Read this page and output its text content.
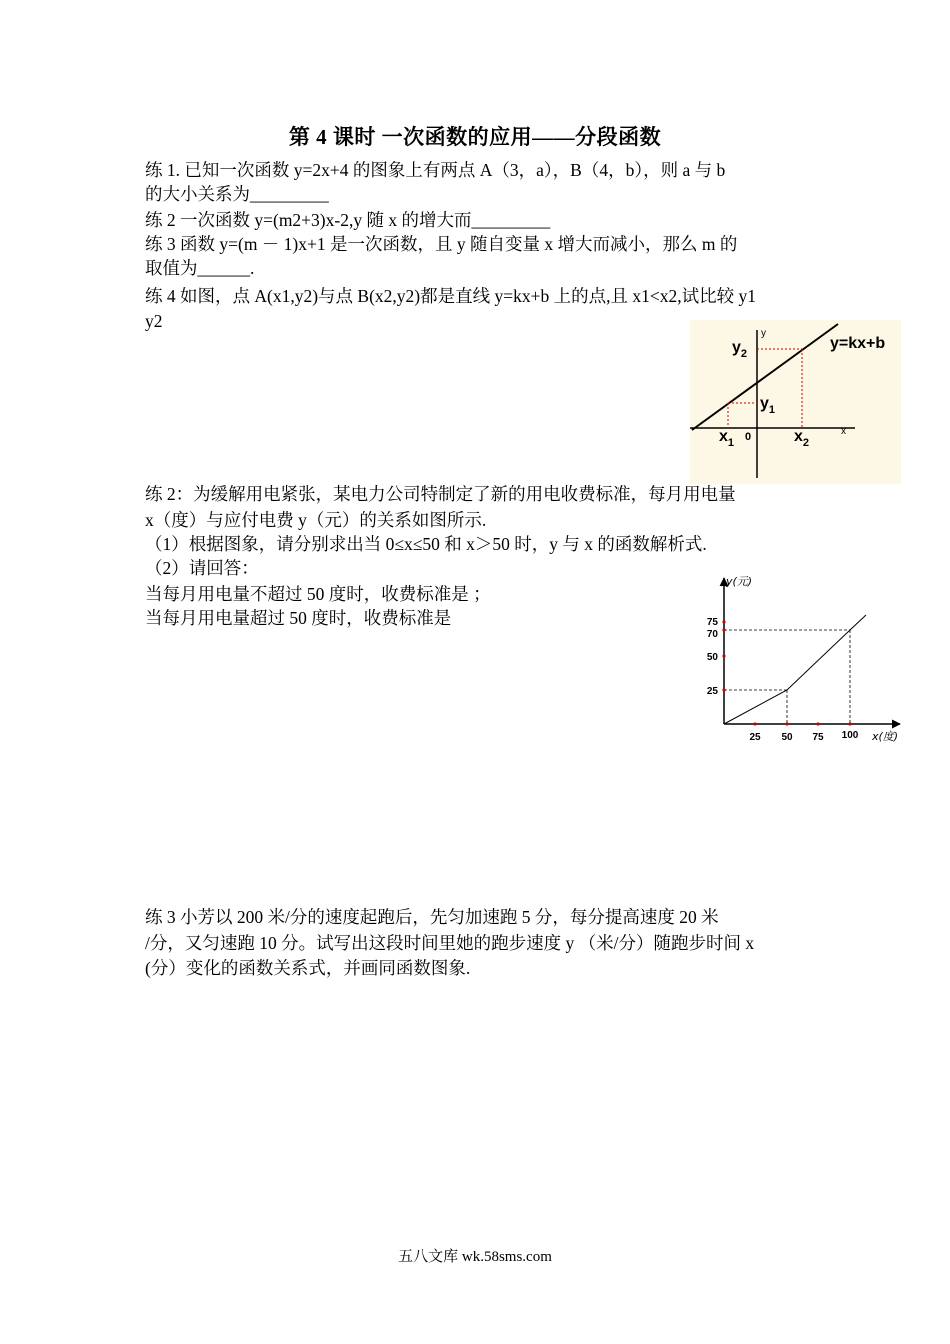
第 4 课时 一次函数的应用——分段函数
练 1. 已知一次函数 y=2x+4 的图象上有两点 A（3，a），B（4，b），则 a 与 b
的大小关系为_________
练 2 一次函数 y=(m2+3)x-2,y 随 x 的增大而_________
练 3 函数 y=(m － 1)x+1 是一次函数，且 y 随自变量 x 增大而减小，那么 m 的
取值为______.
练 4 如图，点 A(x1,y2)与点 B(x2,y2)都是直线 y=kx+b 上的点,且 x1<x2,试比较 y1
y2
y=kx+b
y
x
0
$y_2$
$y_1$
$x_1$	$x_2$
练 2：为缓解用电紧张，某电力公司特制定了新的用电收费标准，每月用电量
x（度）与应付电费 y（元）的关系如图所示.
（1）根据图象，请分别求出当 0≤x≤50 和 x＞50 时，y 与 x 的函数解析式.
（2）请回答：
当每月用电量不超过 50 度时，收费标准是 ；
当每月用电量超过 50 度时，收费标准是
y(元)
x(度)
75
70
50
25
25 50 75 100
练 3 小芳以 200 米/分的速度起跑后，先匀加速跑 5 分，每分提高速度 20 米
/分，又匀速跑 10 分。试写出这段时间里她的跑步速度 y （米/分）随跑步时间 x
(分）变化的函数关系式，并画同函数图象.
五八文库 wk.58sms.com
